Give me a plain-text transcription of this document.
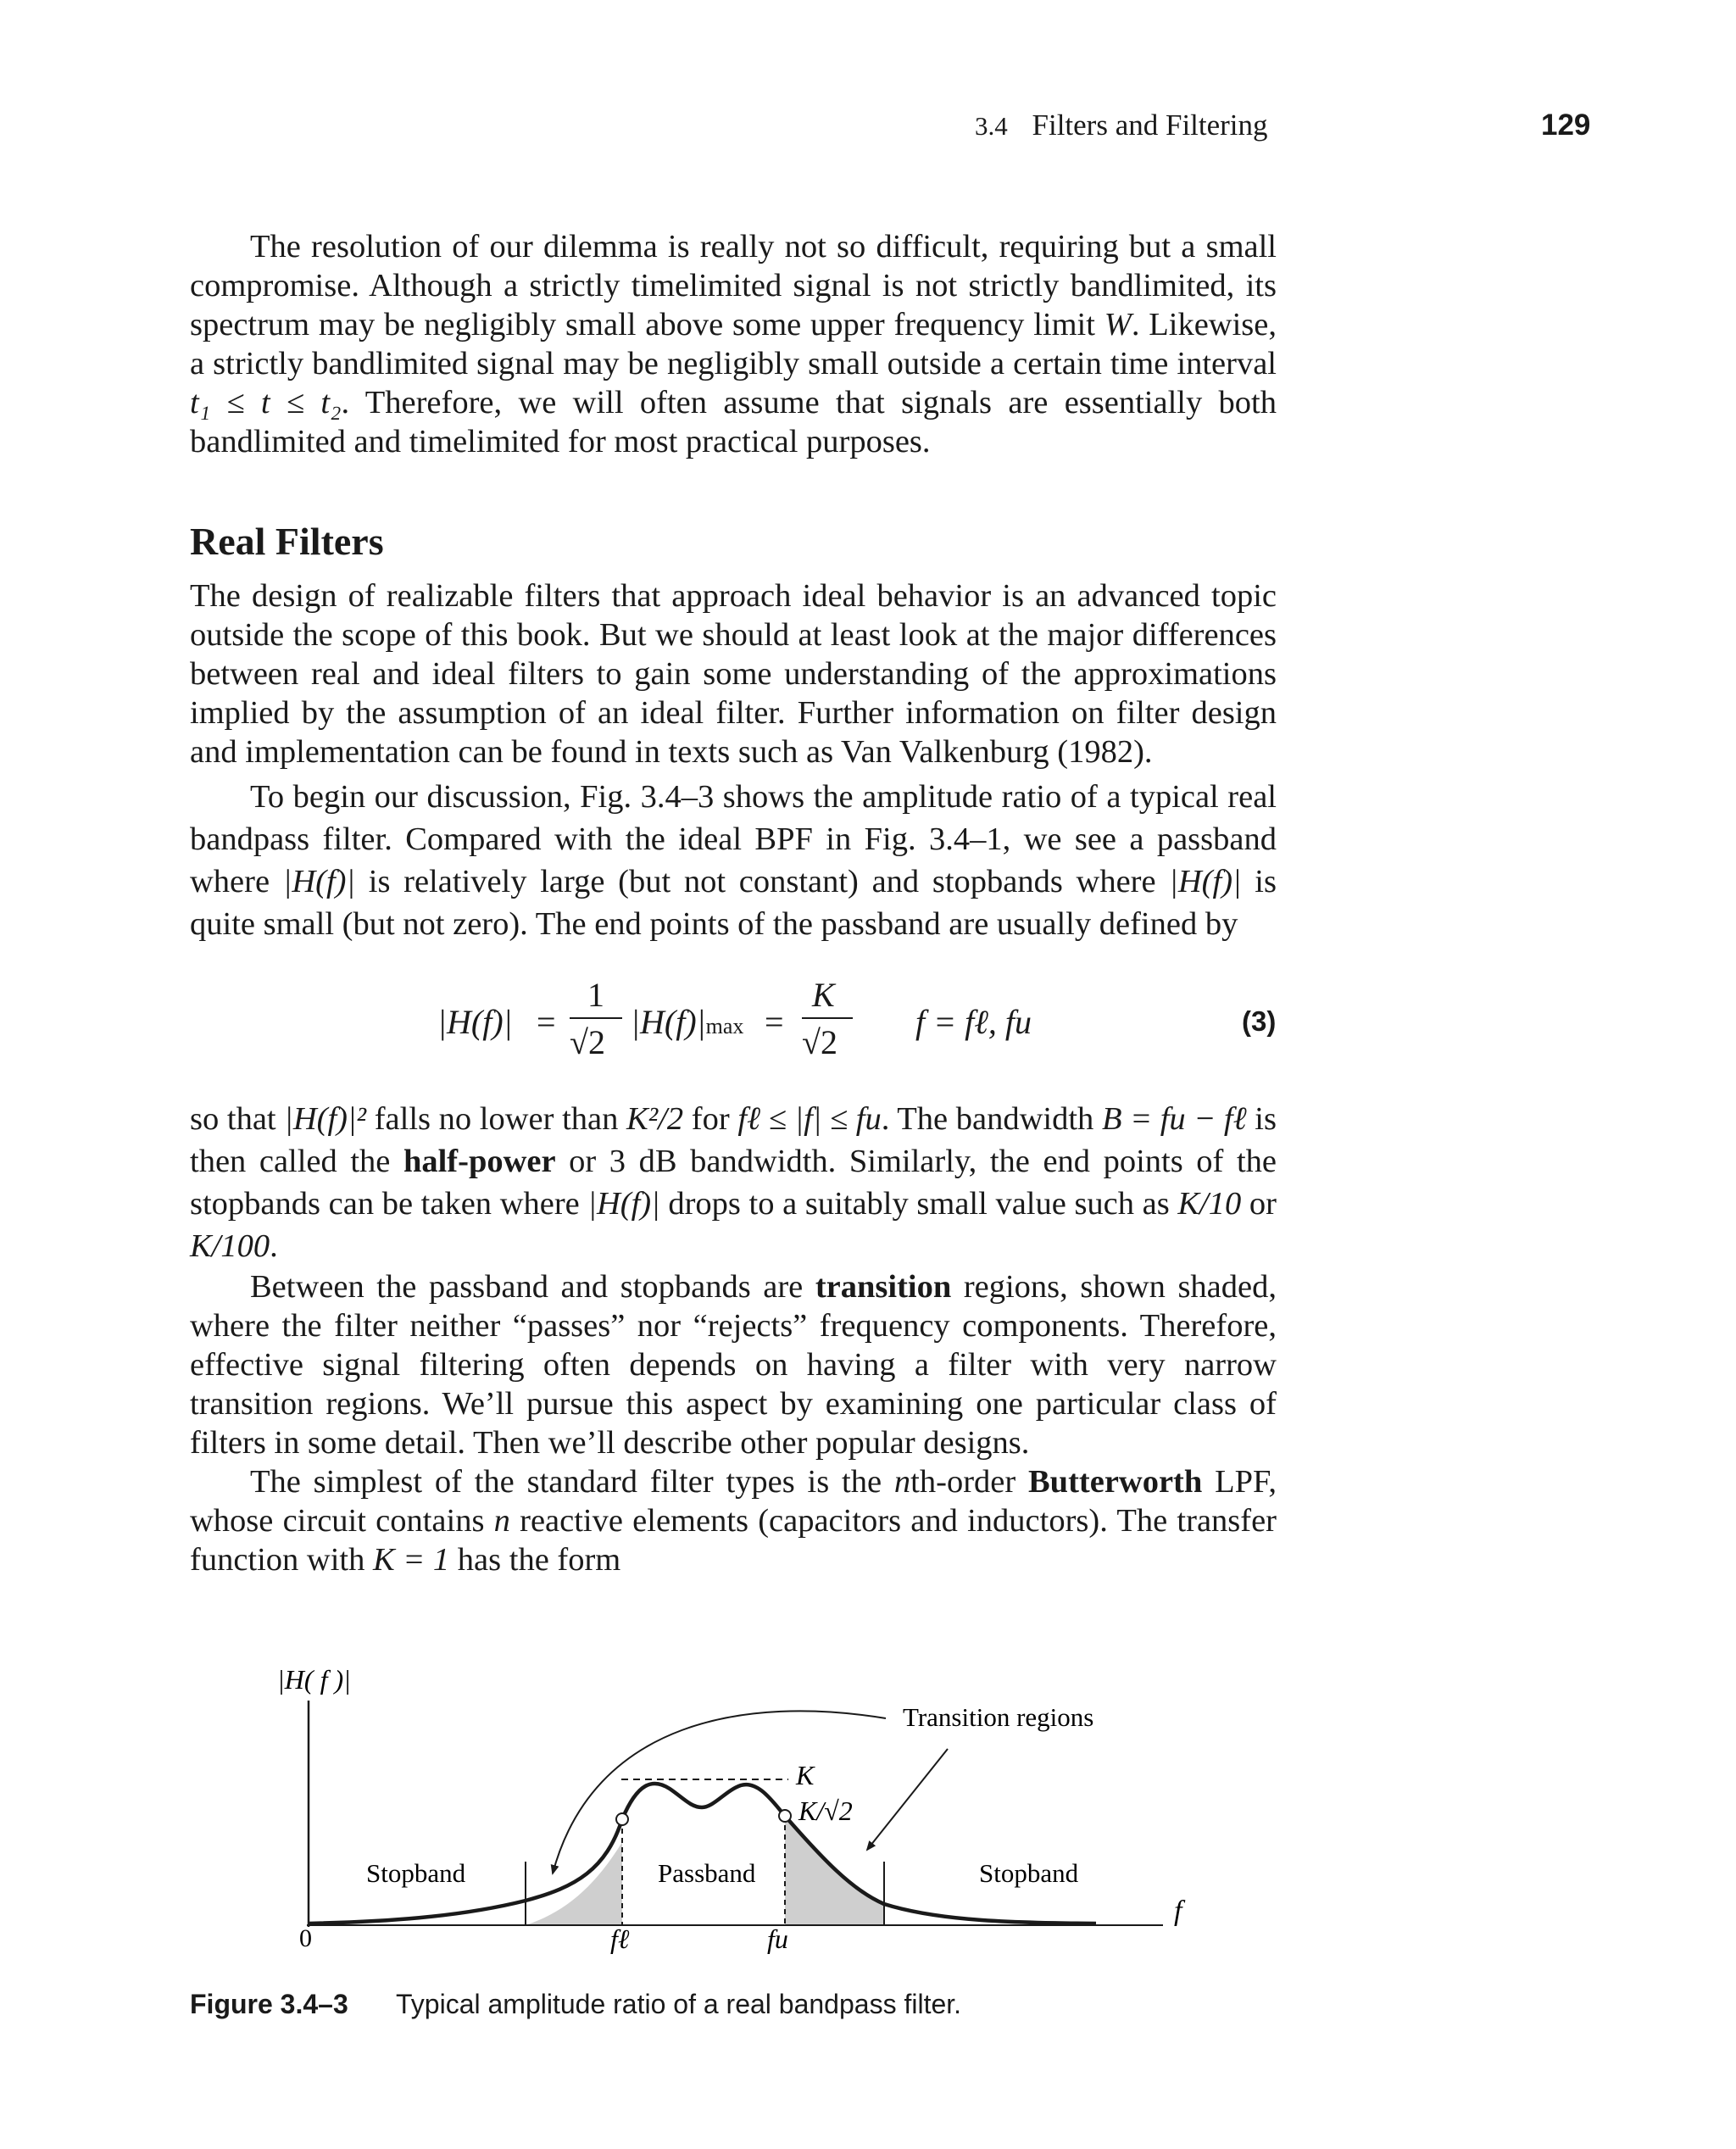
3.4 Filters and Filtering	129

The resolution of our dilemma is really not so difficult, requiring but a small compromise. Although a strictly timelimited signal is not strictly bandlimited, its spectrum may be negligibly small above some upper frequency limit W. Likewise, a strictly bandlimited signal may be negligibly small outside a certain time interval t₁ ≤ t ≤ t₂. Therefore, we will often assume that signals are essentially both bandlimited and timelimited for most practical purposes.

Real Filters

The design of realizable filters that approach ideal behavior is an advanced topic outside the scope of this book. But we should at least look at the major differences between real and ideal filters to gain some understanding of the approximations implied by the assumption of an ideal filter. Further information on filter design and implementation can be found in texts such as Van Valkenburg (1982).

To begin our discussion, Fig. 3.4–3 shows the amplitude ratio of a typical real bandpass filter. Compared with the ideal BPF in Fig. 3.4–1, we see a passband where |H(f)| is relatively large (but not constant) and stopbands where |H(f)| is quite small (but not zero). The end points of the passband are usually defined by

|H(f)| =
1
√2
|H(f)|max =
K
√2
f = fℓ, fu	(3)

so that |H(f)|² falls no lower than K²/2 for fℓ ≤ |f| ≤ fu. The bandwidth B = fu − fℓ is then called the half-power or 3 dB bandwidth. Similarly, the end points of the stopbands can be taken where |H(f)| drops to a suitably small value such as K/10 or K/100.

Between the passband and stopbands are transition regions, shown shaded, where the filter neither “passes” nor “rejects” frequency components. Therefore, effective signal filtering often depends on having a filter with very narrow transition regions. We’ll pursue this aspect by examining one particular class of filters in some detail. Then we’ll describe other popular designs.

The simplest of the standard filter types is the nth-order Butterworth LPF, whose circuit contains n reactive elements (capacitors and inductors). The transfer function with K = 1 has the form

|H( f )|
f
0	fℓ	fu
K
K/√2
Transition regions
Stopband	Passband	Stopband
Figure 3.4–3 Typical amplitude ratio of a real bandpass filter.
